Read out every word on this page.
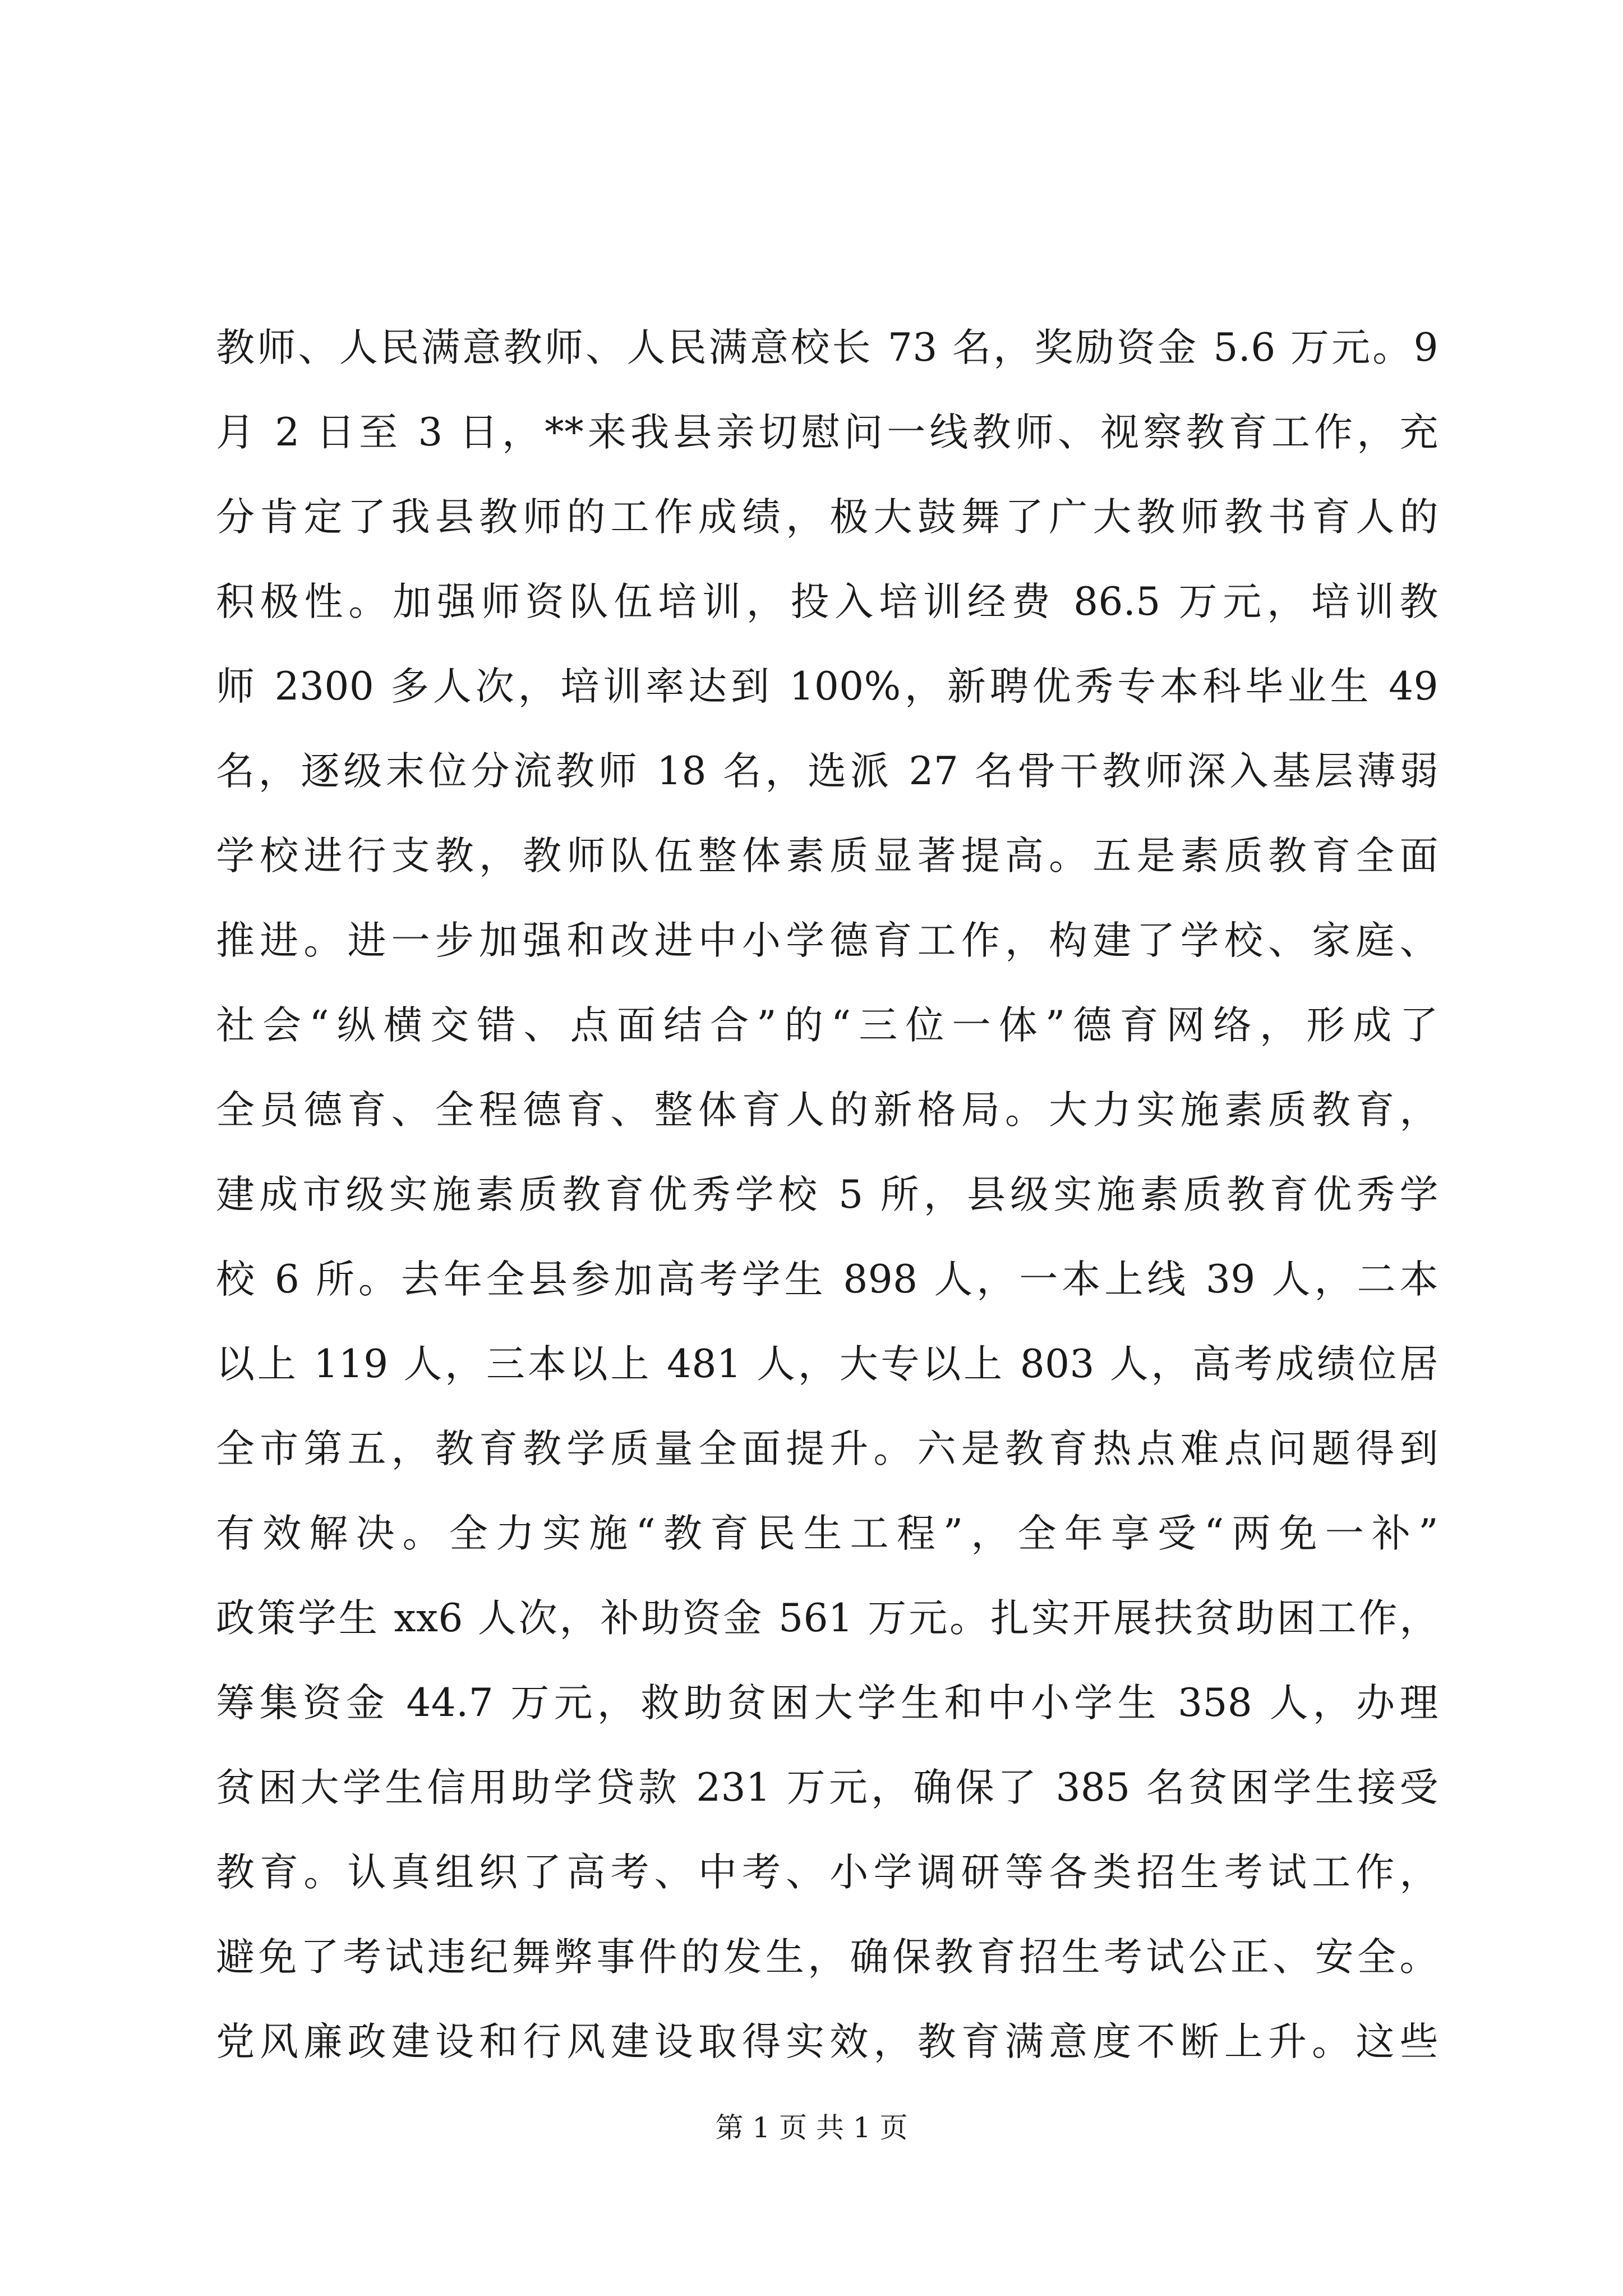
教师、人民满意教师、人民满意校长 73 名，奖励资金 5.6 万元。9
月 2 日至 3 日，**来我县亲切慰问一线教师、视察教育工作，充
分肯定了我县教师的工作成绩，极大鼓舞了广大教师教书育人的
积极性。加强师资队伍培训，投入培训经费 86.5 万元，培训教
师 2300 多人次，培训率达到 100%，新聘优秀专本科毕业生 49
名，逐级末位分流教师 18 名，选派 27 名骨干教师深入基层薄弱
学校进行支教，教师队伍整体素质显著提高。五是素质教育全面
推进。进一步加强和改进中小学德育工作，构建了学校、家庭、
社会“纵横交错、点面结合”的“三位一体”德育网络，形成了
全员德育、全程德育、整体育人的新格局。大力实施素质教育，
建成市级实施素质教育优秀学校 5 所，县级实施素质教育优秀学
校 6 所。去年全县参加高考学生 898 人，一本上线 39 人，二本
以上 119 人，三本以上 481 人，大专以上 803 人，高考成绩位居
全市第五，教育教学质量全面提升。六是教育热点难点问题得到
有效解决。全力实施“教育民生工程”，全年享受“两免一补”
政策学生 xx6 人次，补助资金 561 万元。扎实开展扶贫助困工作，
筹集资金 44.7 万元，救助贫困大学生和中小学生 358 人，办理
贫困大学生信用助学贷款 231 万元，确保了 385 名贫困学生接受
教育。认真组织了高考、中考、小学调研等各类招生考试工作，
避免了考试违纪舞弊事件的发生，确保教育招生考试公正、安全。
党风廉政建设和行风建设取得实效，教育满意度不断上升。这些
第 1 页 共 1 页
